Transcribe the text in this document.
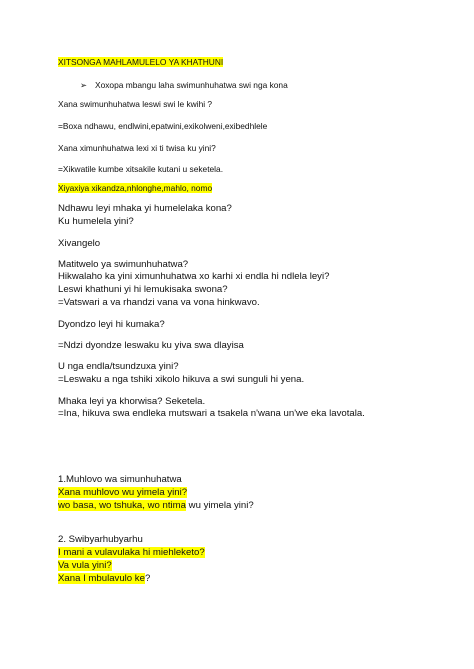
XITSONGA MAHLAMULELO YA KHATHUNI

➢ Xoxopa mbangu laha swimunhuhatwa swi nga kona

Xana swimunhuhatwa leswi swi le kwihi ?

=Boxa ndhawu, endlwini,epatwini,exikolweni,exibedhlele

Xana ximunhuhatwa lexi xi ti twisa ku yini?

=Xikwatile kumbe xitsakile kutani u seketela.

Xiyaxiya xikandza,nhlonghe,mahlo, nomo

Ndhawu leyi mhaka yi humelelaka kona?

Ku humelela yini?

Xivangelo

Matitwelo ya swimunhuhatwa?

Hikwalaho ka yini ximunhuhatwa xo karhi xi endla hi ndlela leyi?

Leswi khathuni yi hi lemukisaka swona?

=Vatswari a va rhandzi vana va vona hinkwavo.

Dyondzo leyi hi kumaka?

=Ndzi dyondze leswaku ku yiva swa dlayisa

U nga endla/tsundzuxa yini?

=Leswaku a nga tshiki xikolo hikuva a swi sunguli hi yena.

Mhaka leyi ya khorwisa? Seketela.

=Ina, hikuva swa endleka mutswari a tsakela n'wana un'we eka lavotala.

1.Muhlovo wa simunhuhatwa

Xana muhlovo wu yimela yini?

wo basa, wo tshuka, wo ntima wu yimela yini?

2. Swibyarhubyarhu

I mani a vulavulaka hi miehleketo?

Va vula yini?

Xana I mbulavulo ke?
